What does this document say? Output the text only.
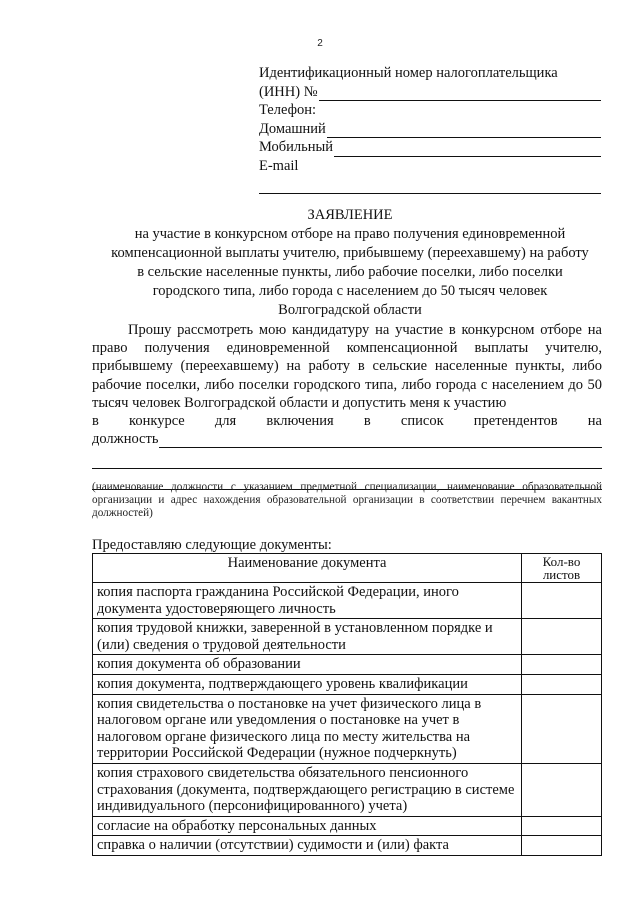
2
Идентификационный номер налогоплательщика
(ИНН) №
Телефон:
Домашний
Мобильный
E-mail
ЗАЯВЛЕНИЕ
на участие в конкурсном отборе на право получения единовременной
компенсационной выплаты учителю, прибывшему (переехавшему) на работу
в сельские населенные пункты, либо рабочие поселки, либо поселки
городского типа, либо города с населением до 50 тысяч человек
Волгоградской области

Прошу рассмотреть мою кандидатуру на участие в конкурсном отборе на право получения единовременной компенсационной выплаты учителю, прибывшему (переехавшему) на работу в сельские населенные пункты, либо рабочие поселки, либо поселки городского типа, либо города с населением до 50 тысяч человек Волгоградской области и допустить меня к участию

в конкурсе для включения в список претендентов на
должность
(наименование должности с указанием предметной специализации, наименование образовательной организации и адрес нахождения образовательной организации в соответствии перечнем вакантных должностей)
Предоставляю следующие документы:
Наименование документа	Кол-во листов
копия паспорта гражданина Российской Федерации, иного документа удостоверяющего личность	
копия трудовой книжки, заверенной в установленном порядке и (или) сведения о трудовой деятельности	
копия документа об образовании	
копия документа, подтверждающего уровень квалификации	
копия свидетельства о постановке на учет физического лица в налоговом органе или уведомления о постановке на учет в налоговом органе физического лица по месту жительства на территории Российской Федерации (нужное подчеркнуть)	
копия страхового свидетельства обязательного пенсионного страхования (документа, подтверждающего регистрацию в системе индивидуального (персонифицированного) учета)	
согласие на обработку персональных данных	
справка о наличии (отсутствии) судимости и (или) факта	
